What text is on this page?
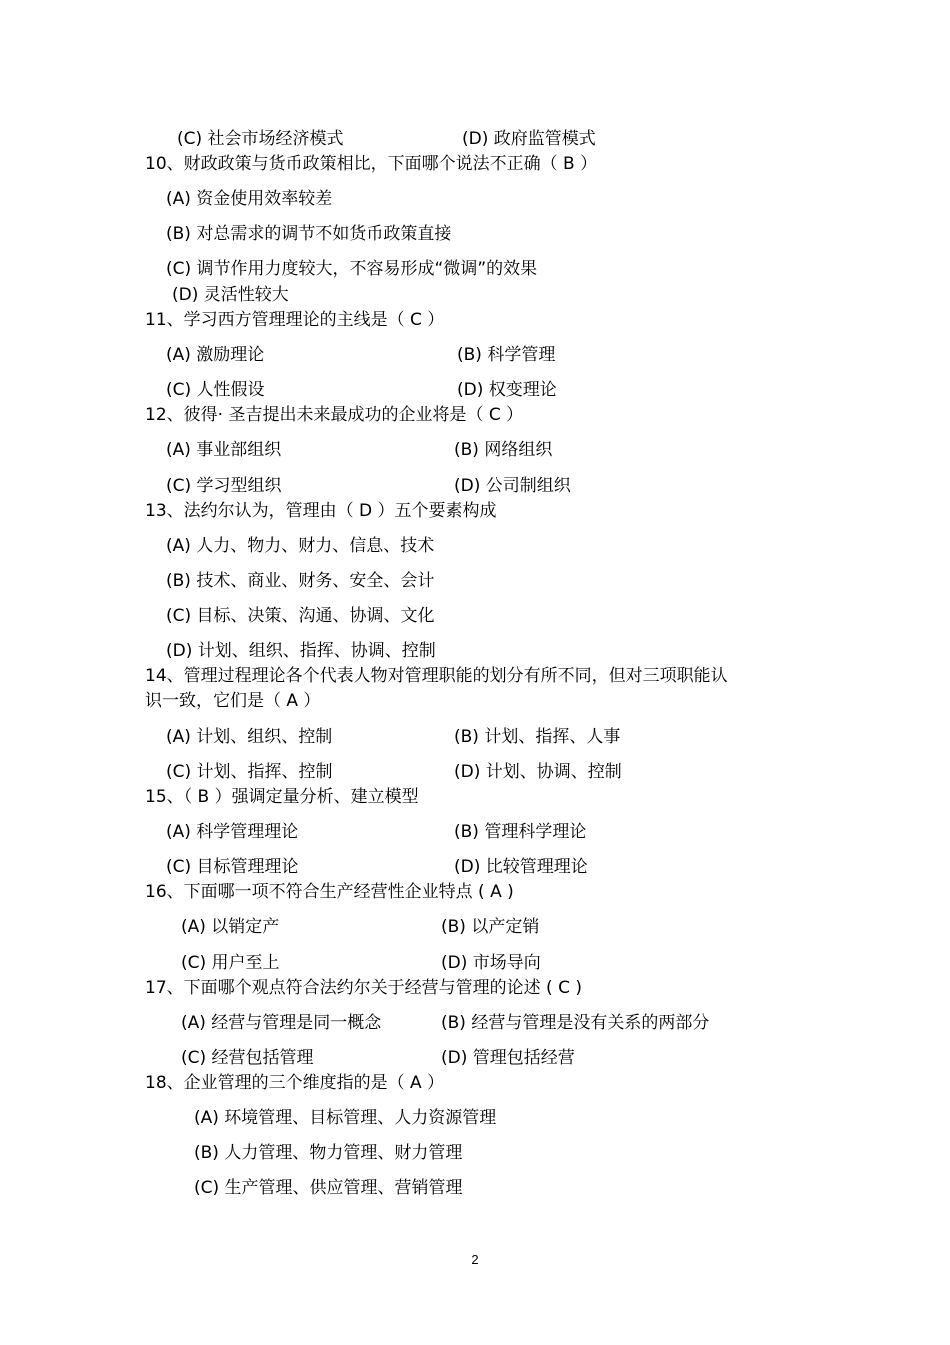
(C) 社会市场经济模式	(D) 政府监管模式
10、财政政策与货币政策相比，下面哪个说法不正确（ B ）
(A) 资金使用效率较差
(B) 对总需求的调节不如货币政策直接
(C) 调节作用力度较大，不容易形成“微调”的效果
(D) 灵活性较大
11、学习西方管理理论的主线是（ C ）
(A) 激励理论	(B) 科学管理
(C) 人性假设	(D) 权变理论
12、彼得· 圣吉提出未来最成功的企业将是（ C ）
(A) 事业部组织	(B) 网络组织
(C) 学习型组织	(D) 公司制组织
13、法约尔认为，管理由（ D ）五个要素构成
(A) 人力、物力、财力、信息、技术
(B) 技术、商业、财务、安全、会计
(C) 目标、决策、沟通、协调、文化
(D) 计划、组织、指挥、协调、控制
14、管理过程理论各个代表人物对管理职能的划分有所不同，但对三项职能认
识一致，它们是（ A ）
(A) 计划、组织、控制	(B) 计划、指挥、人事
(C) 计划、指挥、控制	(D) 计划、协调、控制
15、（ B ）强调定量分析、建立模型
(A) 科学管理理论	(B) 管理科学理论
(C) 目标管理理论	(D) 比较管理理论
16、下面哪一项不符合生产经营性企业特点 ( A )
(A) 以销定产	(B) 以产定销
(C) 用户至上	(D) 市场导向
17、下面哪个观点符合法约尔关于经营与管理的论述 ( C )
(A) 经营与管理是同一概念	(B) 经营与管理是没有关系的两部分
(C) 经营包括管理	(D) 管理包括经营
18、企业管理的三个维度指的是（ A ）
(A) 环境管理、目标管理、人力资源管理
(B) 人力管理、物力管理、财力管理
(C) 生产管理、供应管理、营销管理
2
